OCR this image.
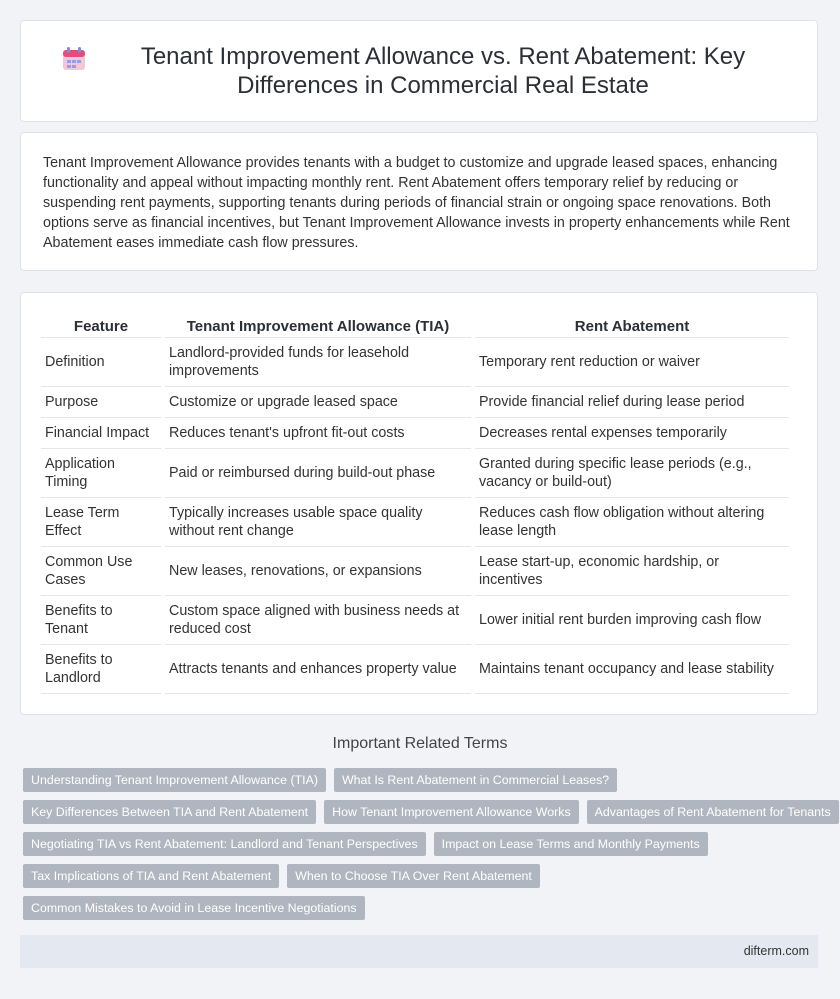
Tenant Improvement Allowance vs. Rent Abatement: Key Differences in Commercial Real Estate

Tenant Improvement Allowance provides tenants with a budget to customize and upgrade leased spaces, enhancing functionality and appeal without impacting monthly rent. Rent Abatement offers temporary relief by reducing or suspending rent payments, supporting tenants during periods of financial strain or ongoing space renovations. Both options serve as financial incentives, but Tenant Improvement Allowance invests in property enhancements while Rent Abatement eases immediate cash flow pressures.

Feature	Tenant Improvement Allowance (TIA)	Rent Abatement
Definition	Landlord-provided funds for leasehold improvements	Temporary rent reduction or waiver
Purpose	Customize or upgrade leased space	Provide financial relief during lease period
Financial Impact	Reduces tenant's upfront fit-out costs	Decreases rental expenses temporarily
Application Timing	Paid or reimbursed during build-out phase	Granted during specific lease periods (e.g., vacancy or build-out)
Lease Term Effect	Typically increases usable space quality without rent change	Reduces cash flow obligation without altering lease length
Common Use Cases	New leases, renovations, or expansions	Lease start-up, economic hardship, or incentives
Benefits to Tenant	Custom space aligned with business needs at reduced cost	Lower initial rent burden improving cash flow
Benefits to Landlord	Attracts tenants and enhances property value	Maintains tenant occupancy and lease stability
Important Related Terms
Understanding Tenant Improvement Allowance (TIA)	What Is Rent Abatement in Commercial Leases?
Key Differences Between TIA and Rent Abatement	How Tenant Improvement Allowance Works	Advantages of Rent Abatement for Tenants
Negotiating TIA vs Rent Abatement: Landlord and Tenant Perspectives	Impact on Lease Terms and Monthly Payments
Tax Implications of TIA and Rent Abatement	When to Choose TIA Over Rent Abatement
Common Mistakes to Avoid in Lease Incentive Negotiations
difterm.com
